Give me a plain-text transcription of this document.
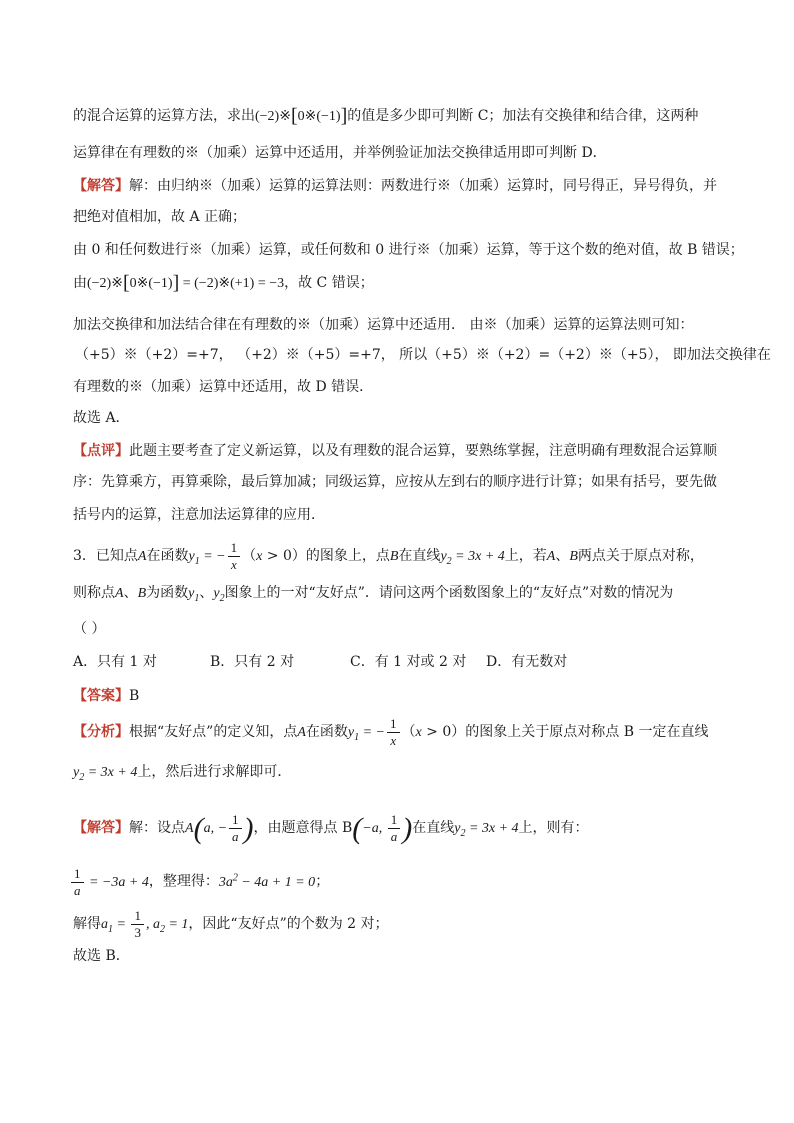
的混合运算的运算方法，求出(−2)※[0※(−1)]的值是多少即可判断 C；加法有交换律和结合律，这两种
运算律在有理数的※（加乘）运算中还适用，并举例验证加法交换律适用即可判断 D．
【解答】解：由归纳※（加乘）运算的运算法则：两数进行※（加乘）运算时，同号得正，异号得负，并
把绝对值相加，故 A 正确；
由 0 和任何数进行※（加乘）运算，或任何数和 0 进行※（加乘）运算，等于这个数的绝对值，故 B 错误；
由(−2)※[0※(−1)] = (−2)※(+1) = −3，故 C 错误；
加法交换律和加法结合律在有理数的※（加乘）运算中还适用． 由※（加乘）运算的运算法则可知：
（+5）※（+2）=+7， （+2）※（+5）=+7， 所以（+5）※（+2）=（+2）※（+5）， 即加法交换律在
有理数的※（加乘）运算中还适用，故 D 错误．
故选 A．
【点评】此题主要考查了定义新运算，以及有理数的混合运算，要熟练掌握，注意明确有理数混合运算顺
序：先算乘方，再算乘除，最后算加减；同级运算，应按从左到右的顺序进行计算；如果有括号，要先做
括号内的运算，注意加法运算律的应用．
3．已知点A在函数$y_1$ = − $\frac{1}{x} (x > 0)$的图象上，点B在直线$y_2 = 3x + 4$上，若A、B两点关于原点对称，
则称点A、B为函数$y_1$、$y_2$图象上的一对“友好点”．请问这两个函数图象上的“友好点”对数的情况为
（ ）
A．只有 1 对	B．只有 2 对	C．有 1 对或 2 对 D．有无数对
【答案】B
【分析】根据“友好点”的定义知，点A在函数$y_1$ = − $\frac{1}{x} (x > 0)$的图象上关于原点对称点 B 一定在直线
$y_2 = 3x + 4$上，然后进行求解即可．
【解答】解：设点A(a, − $\frac{1}{a}$ )，由题意得点 B(−a, $\frac{1}{a}$ )在直线$y_2 = 3x + 4$上，则有：
$\frac{1}{a} = -3a + 4$，整理得：$3a^2 - 4a + 1 = 0$；
解得$a_1 = \frac{1}{3}$ , $a_2 = 1$，因此“友好点”的个数为 2 对；
故选 B．
